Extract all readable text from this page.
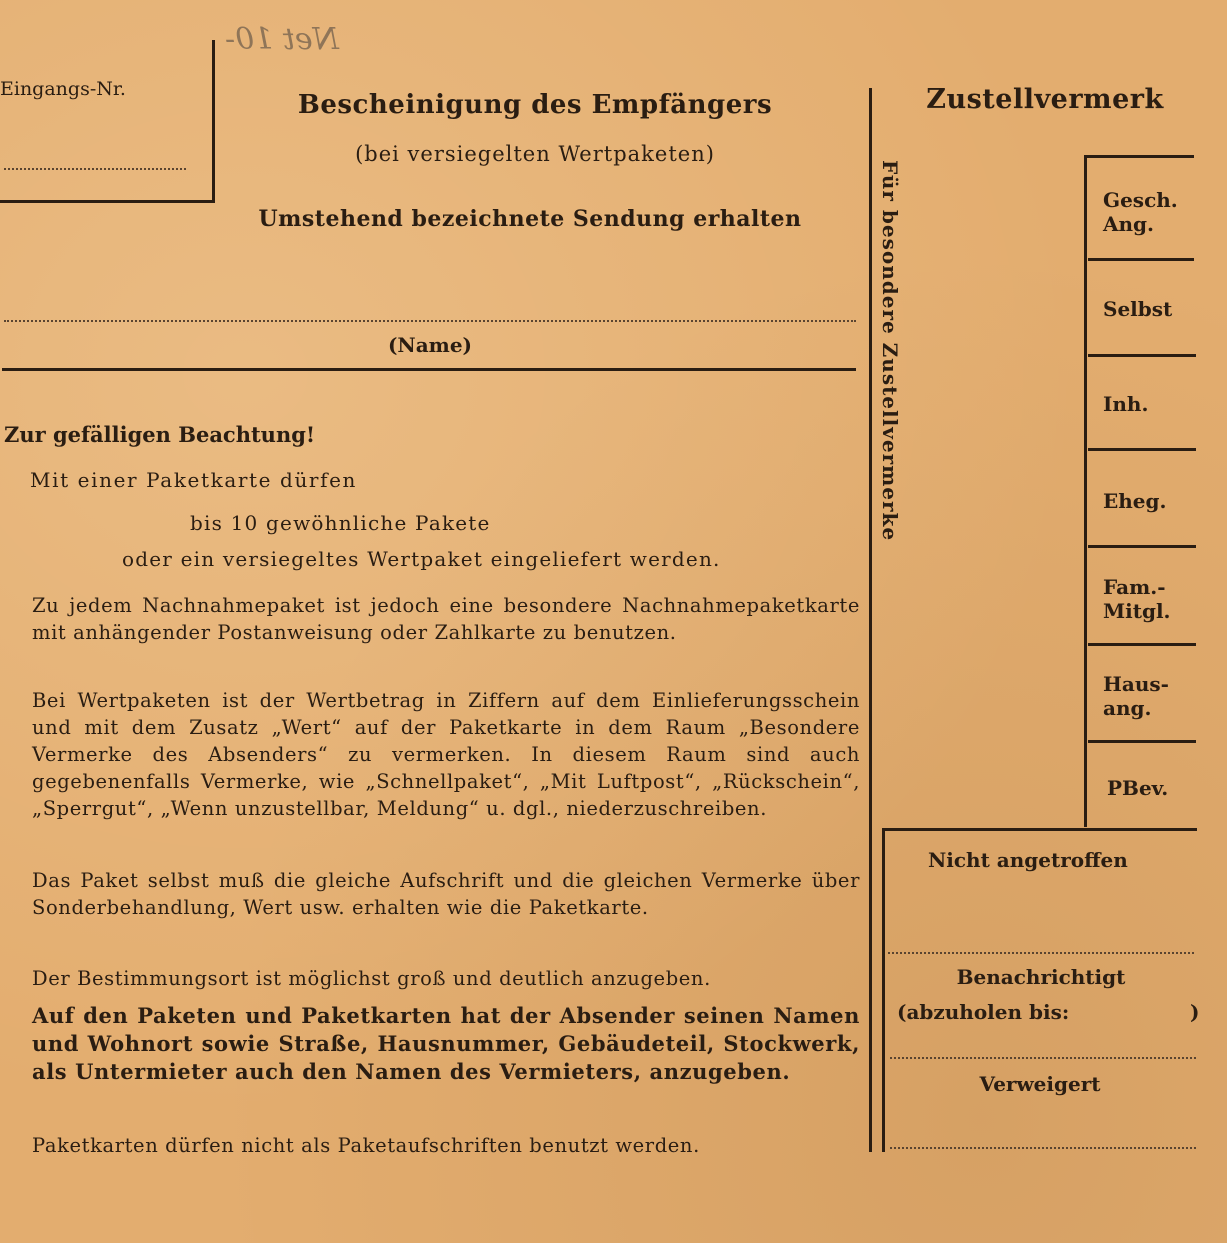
Net 10-
Eingangs-Nr.
Bescheinigung des Empfängers
(bei versiegelten Wertpaketen)
Umstehend bezeichnete Sendung erhalten
(Name)
Zustellvermerk
Für besondere Zustellvermerke	Gesch.
Ang.
Selbst
Inh.
Eheg.
Fam.-
Mitgl.
Haus-
ang.
PBev.
Nicht angetroffen
Benachrichtigt
(abzuholen bis:	)
Verweigert
Zur gefälligen Beachtung!
Mit einer Paketkarte dürfen
bis 10 gewöhnliche Pakete
oder ein versiegeltes Wertpaket eingeliefert werden.
Zu jedem Nachnahmepaket ist jedoch eine besondere Nachnahmepaketkarte mit anhängender Postanweisung oder Zahlkarte zu benutzen.
Bei Wertpaketen ist der Wertbetrag in Ziffern auf dem Einlieferungsschein und mit dem Zusatz „Wert“ auf der Paketkarte in dem Raum „Besondere Vermerke des Absenders“ zu vermerken. In diesem Raum sind auch gegebenenfalls Vermerke, wie „Schnellpaket“, „Mit Luftpost“, „Rückschein“, „Sperrgut“, „Wenn unzustellbar, Meldung“ u. dgl., niederzuschreiben.
Das Paket selbst muß die gleiche Aufschrift und die gleichen Vermerke über Sonderbehandlung, Wert usw. erhalten wie die Paketkarte.
Der Bestimmungsort ist möglichst groß und deutlich anzugeben.
Auf den Paketen und Paketkarten hat der Absender seinen Namen und Wohnort sowie Straße, Hausnummer, Gebäudeteil, Stockwerk, als Untermieter auch den Namen des Vermieters, anzugeben.
Paketkarten dürfen nicht als Paketaufschriften benutzt werden.
